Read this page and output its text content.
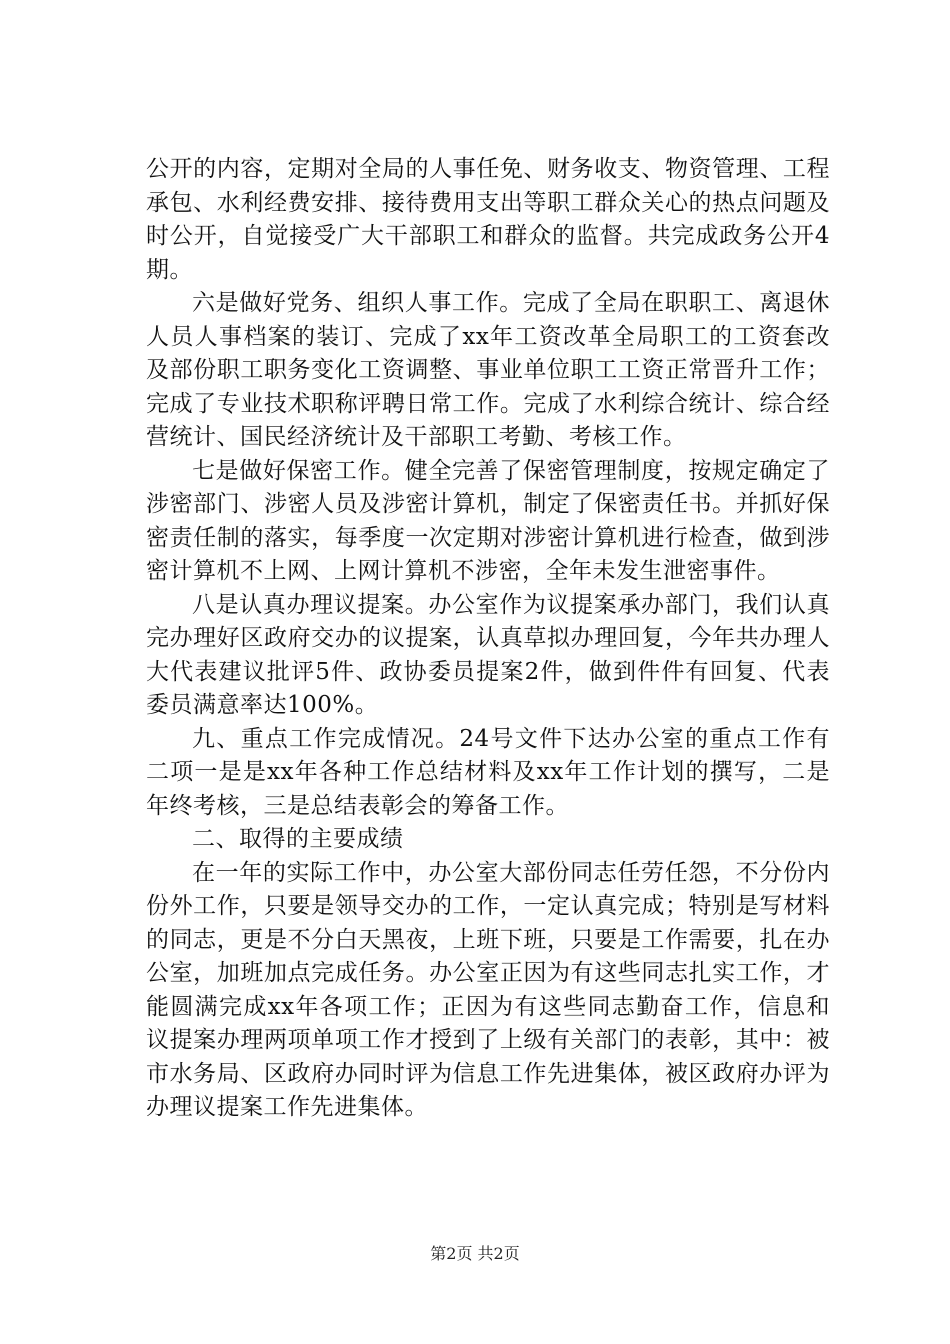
公开的内容，定期对全局的人事任免、财务收支、物资管理、工程承包、水利经费安排、接待费用支出等职工群众关心的热点问题及时公开，自觉接受广大干部职工和群众的监督。共完成政务公开4期。

六是做好党务、组织人事工作。完成了全局在职职工、离退休人员人事档案的装订、完成了xx年工资改革全局职工的工资套改及部份职工职务变化工资调整、事业单位职工工资正常晋升工作；完成了专业技术职称评聘日常工作。完成了水利综合统计、综合经营统计、国民经济统计及干部职工考勤、考核工作。

七是做好保密工作。健全完善了保密管理制度，按规定确定了涉密部门、涉密人员及涉密计算机，制定了保密责任书。并抓好保密责任制的落实，每季度一次定期对涉密计算机进行检查，做到涉密计算机不上网、上网计算机不涉密，全年未发生泄密事件。

八是认真办理议提案。办公室作为议提案承办部门，我们认真完办理好区政府交办的议提案，认真草拟办理回复，今年共办理人大代表建议批评5件、政协委员提案2件，做到件件有回复、代表委员满意率达100%。

九、重点工作完成情况。24号文件下达办公室的重点工作有二项一是是xx年各种工作总结材料及xx年工作计划的撰写，二是年终考核，三是总结表彰会的筹备工作。

二、取得的主要成绩

在一年的实际工作中，办公室大部份同志任劳任怨，不分份内份外工作，只要是领导交办的工作，一定认真完成；特别是写材料的同志，更是不分白天黑夜，上班下班，只要是工作需要，扎在办公室，加班加点完成任务。办公室正因为有这些同志扎实工作，才能圆满完成xx年各项工作；正因为有这些同志勤奋工作，信息和议提案办理两项单项工作才授到了上级有关部门的表彰，其中：被市水务局、区政府办同时评为信息工作先进集体，被区政府办评为办理议提案工作先进集体。

第2页 共2页
